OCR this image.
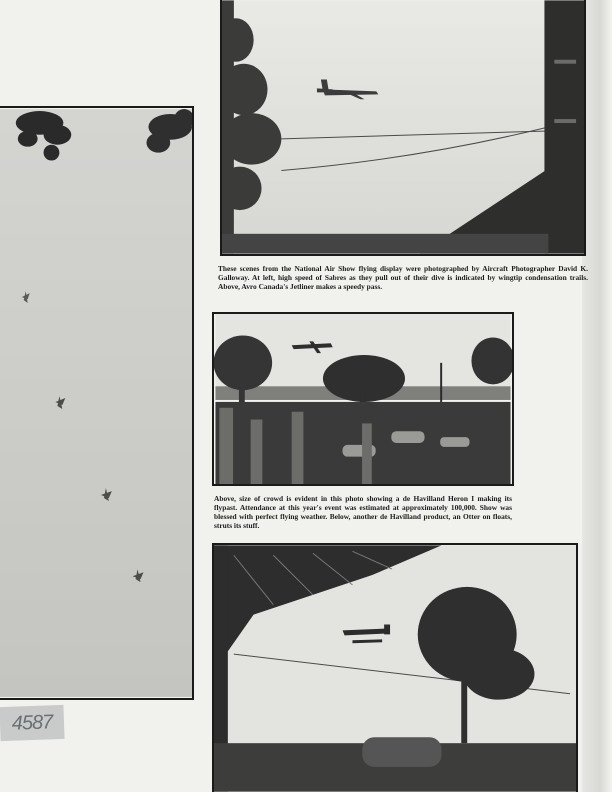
These scenes from the National Air Show flying display were photographed by Aircraft Photographer David K. Galloway. At left, high speed of Sabres as they pull out of their dive is indicated by wingtip condensation trails. Above, Avro Canada's Jetliner makes a speedy pass.

Above, size of crowd is evident in this photo showing a de Havilland Heron I making its flypast. Attendance at this year's event was estimated at approximately 100,000. Show was blessed with perfect flying weather. Below, another de Havilland product, an Otter on floats, struts its stuff.

4587
